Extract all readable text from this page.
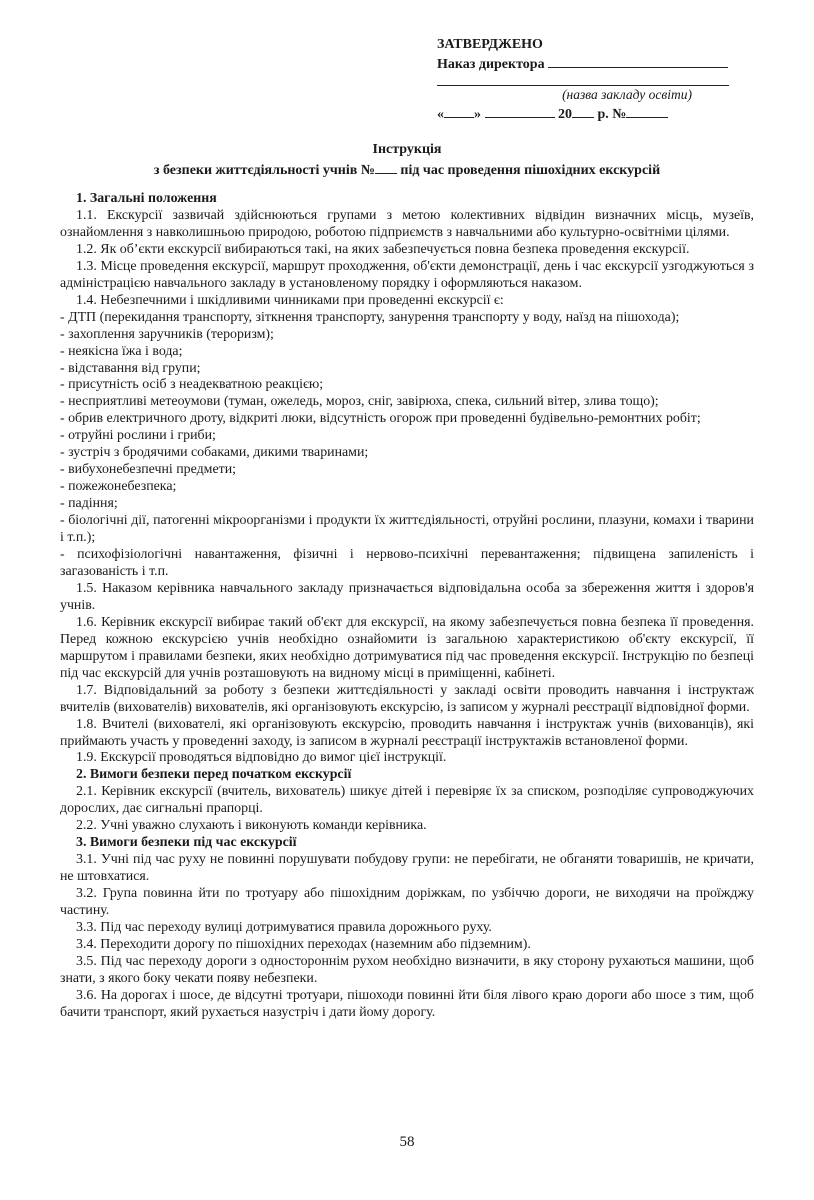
ЗАТВЕРДЖЕНО
Наказ директора
(назва закладу освіти)
« »	20 р. №
Інструкція
з безпеки життєдіяльності учнів № під час проведення пішохідних екскурсій
1. Загальні положення

1.1. Екскурсії зазвичай здійснюються групами з метою колективних відвідин визначних місць, музеїв, ознайомлення з навколишньою природою, роботою підприємств з навчальними або культурно-освітніми цілями.

1.2. Як об’єкти екскурсії вибираються такі, на яких забезпечується повна безпека проведення екскурсії.

1.3. Місце проведення екскурсії, маршрут проходження, об'єкти демонстрації, день і час екскурсії узгоджуються з адміністрацією навчального закладу в установленому порядку і оформляються наказом.

1.4. Небезпечними і шкідливими чинниками при проведенні екскурсії є:

- ДТП (перекидання транспорту, зіткнення транспорту, занурення транспорту у воду, наїзд на пішохода);

- захоплення заручників (тероризм);

- неякісна їжа і вода;

- відставання від групи;

- присутність осіб з неадекватною реакцією;

- несприятливі метеоумови (туман, ожеледь, мороз, сніг, завірюха, спека, сильний вітер, злива тощо);

- обрив електричного дроту, відкриті люки, відсутність огорож при проведенні будівельно-ремонтних робіт;

- отруйні рослини і гриби;

- зустріч з бродячими собаками, дикими тваринами;

- вибухонебезпечні предмети;

- пожежонебезпека;

- падіння;

- біологічні дії, патогенні мікроорганізми і продукти їх життєдіяльності, отруйні рослини, плазуни, комахи і тварини і т.п.);

- психофізіологічні навантаження, фізичні і нервово-психічні перевантаження; підвищена запиленість і загазованість і т.п.

1.5. Наказом керівника навчального закладу призначається відповідальна особа за збереження життя і здоров'я учнів.

1.6. Керівник екскурсії вибирає такий об'єкт для екскурсії, на якому забезпечується повна безпека її проведення. Перед кожною екскурсією учнів необхідно ознайомити із загальною характеристикою об'єкту екскурсії, її маршрутом і правилами безпеки, яких необхідно дотримуватися під час проведення екскурсії. Інструкцію по безпеці під час екскурсій для учнів розташовують на видному місці в приміщенні, кабінеті.

1.7. Відповідальний за роботу з безпеки життєдіяльності у закладі освіти проводить навчання і інструктаж вчителів (вихователів) вихователів, які організовують екскурсію, із записом у журналі реєстрації відповідної форми.

1.8. Вчителі (вихователі, які організовують екскурсію, проводить навчання і інструктаж учнів (вихованців), які приймають участь у проведенні заходу, із записом в журналі реєстрації інструктажів встановленої форми.

1.9. Екскурсії проводяться відповідно до вимог цієї інструкції.

2. Вимоги безпеки перед початком екскурсії

2.1. Керівник екскурсії (вчитель, вихователь) шикує дітей і перевіряє їх за списком, розподіляє супроводжуючих дорослих, дає сигнальні прапорці.

2.2. Учні уважно слухають і виконують команди керівника.

3. Вимоги безпеки під час екскурсії

3.1. Учні під час руху не повинні порушувати побудову групи: не перебігати, не обганяти товаришів, не кричати, не штовхатися.

3.2. Група повинна йти по тротуару або пішохідним доріжкам, по узбіччю дороги, не виходячи на проїжджу частину.

3.3. Під час переходу вулиці дотримуватися правила дорожнього руху.

3.4. Переходити дорогу по пішохідних переходах (наземним або підземним).

3.5. Під час переходу дороги з одностороннім рухом необхідно визначити, в яку сторону рухаються машини, щоб знати, з якого боку чекати появу небезпеки.

3.6. На дорогах і шосе, де відсутні тротуари, пішоходи повинні йти біля лівого краю дороги або шосе з тим, щоб бачити транспорт, який рухається назустріч і дати йому дорогу.

58
